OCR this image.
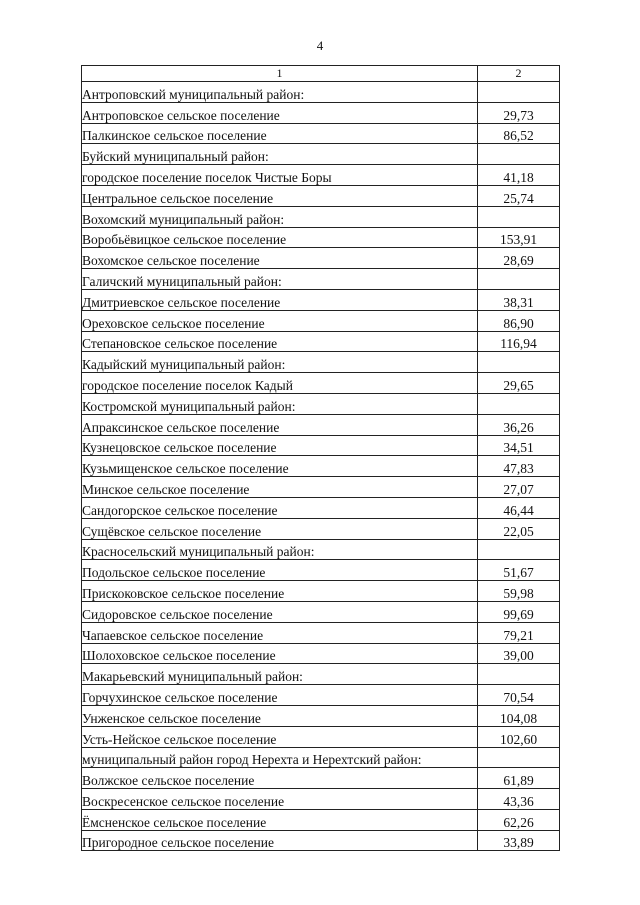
4
1	2
Антроповский муниципальный район:	
Антроповское сельское поселение	29,73
Палкинское сельское поселение	86,52
Буйский муниципальный район:	
городское поселение поселок Чистые Боры	41,18
Центральное сельское поселение	25,74
Вохомский муниципальный район:	
Воробьёвицкое сельское поселение	153,91
Вохомское сельское поселение	28,69
Галичский муниципальный район:	
Дмитриевское сельское поселение	38,31
Ореховское сельское поселение	86,90
Степановское сельское поселение	116,94
Кадыйский муниципальный район:	
городское поселение поселок Кадый	29,65
Костромской муниципальный район:	
Апраксинское сельское поселение	36,26
Кузнецовское сельское поселение	34,51
Кузьмищенское сельское поселение	47,83
Минское сельское поселение	27,07
Сандогорское сельское поселение	46,44
Сущёвское сельское поселение	22,05
Красносельский муниципальный район:	
Подольское сельское поселение	51,67
Прискоковское сельское поселение	59,98
Сидоровское сельское поселение	99,69
Чапаевское сельское поселение	79,21
Шолоховское сельское поселение	39,00
Макарьевский муниципальный район:	
Горчухинское сельское поселение	70,54
Унженское сельское поселение	104,08
Усть-Нейское сельское поселение	102,60
муниципальный район город Нерехта и Нерехтский район:	
Волжское сельское поселение	61,89
Воскресенское сельское поселение	43,36
Ёмсненское сельское поселение	62,26
Пригородное сельское поселение	33,89
